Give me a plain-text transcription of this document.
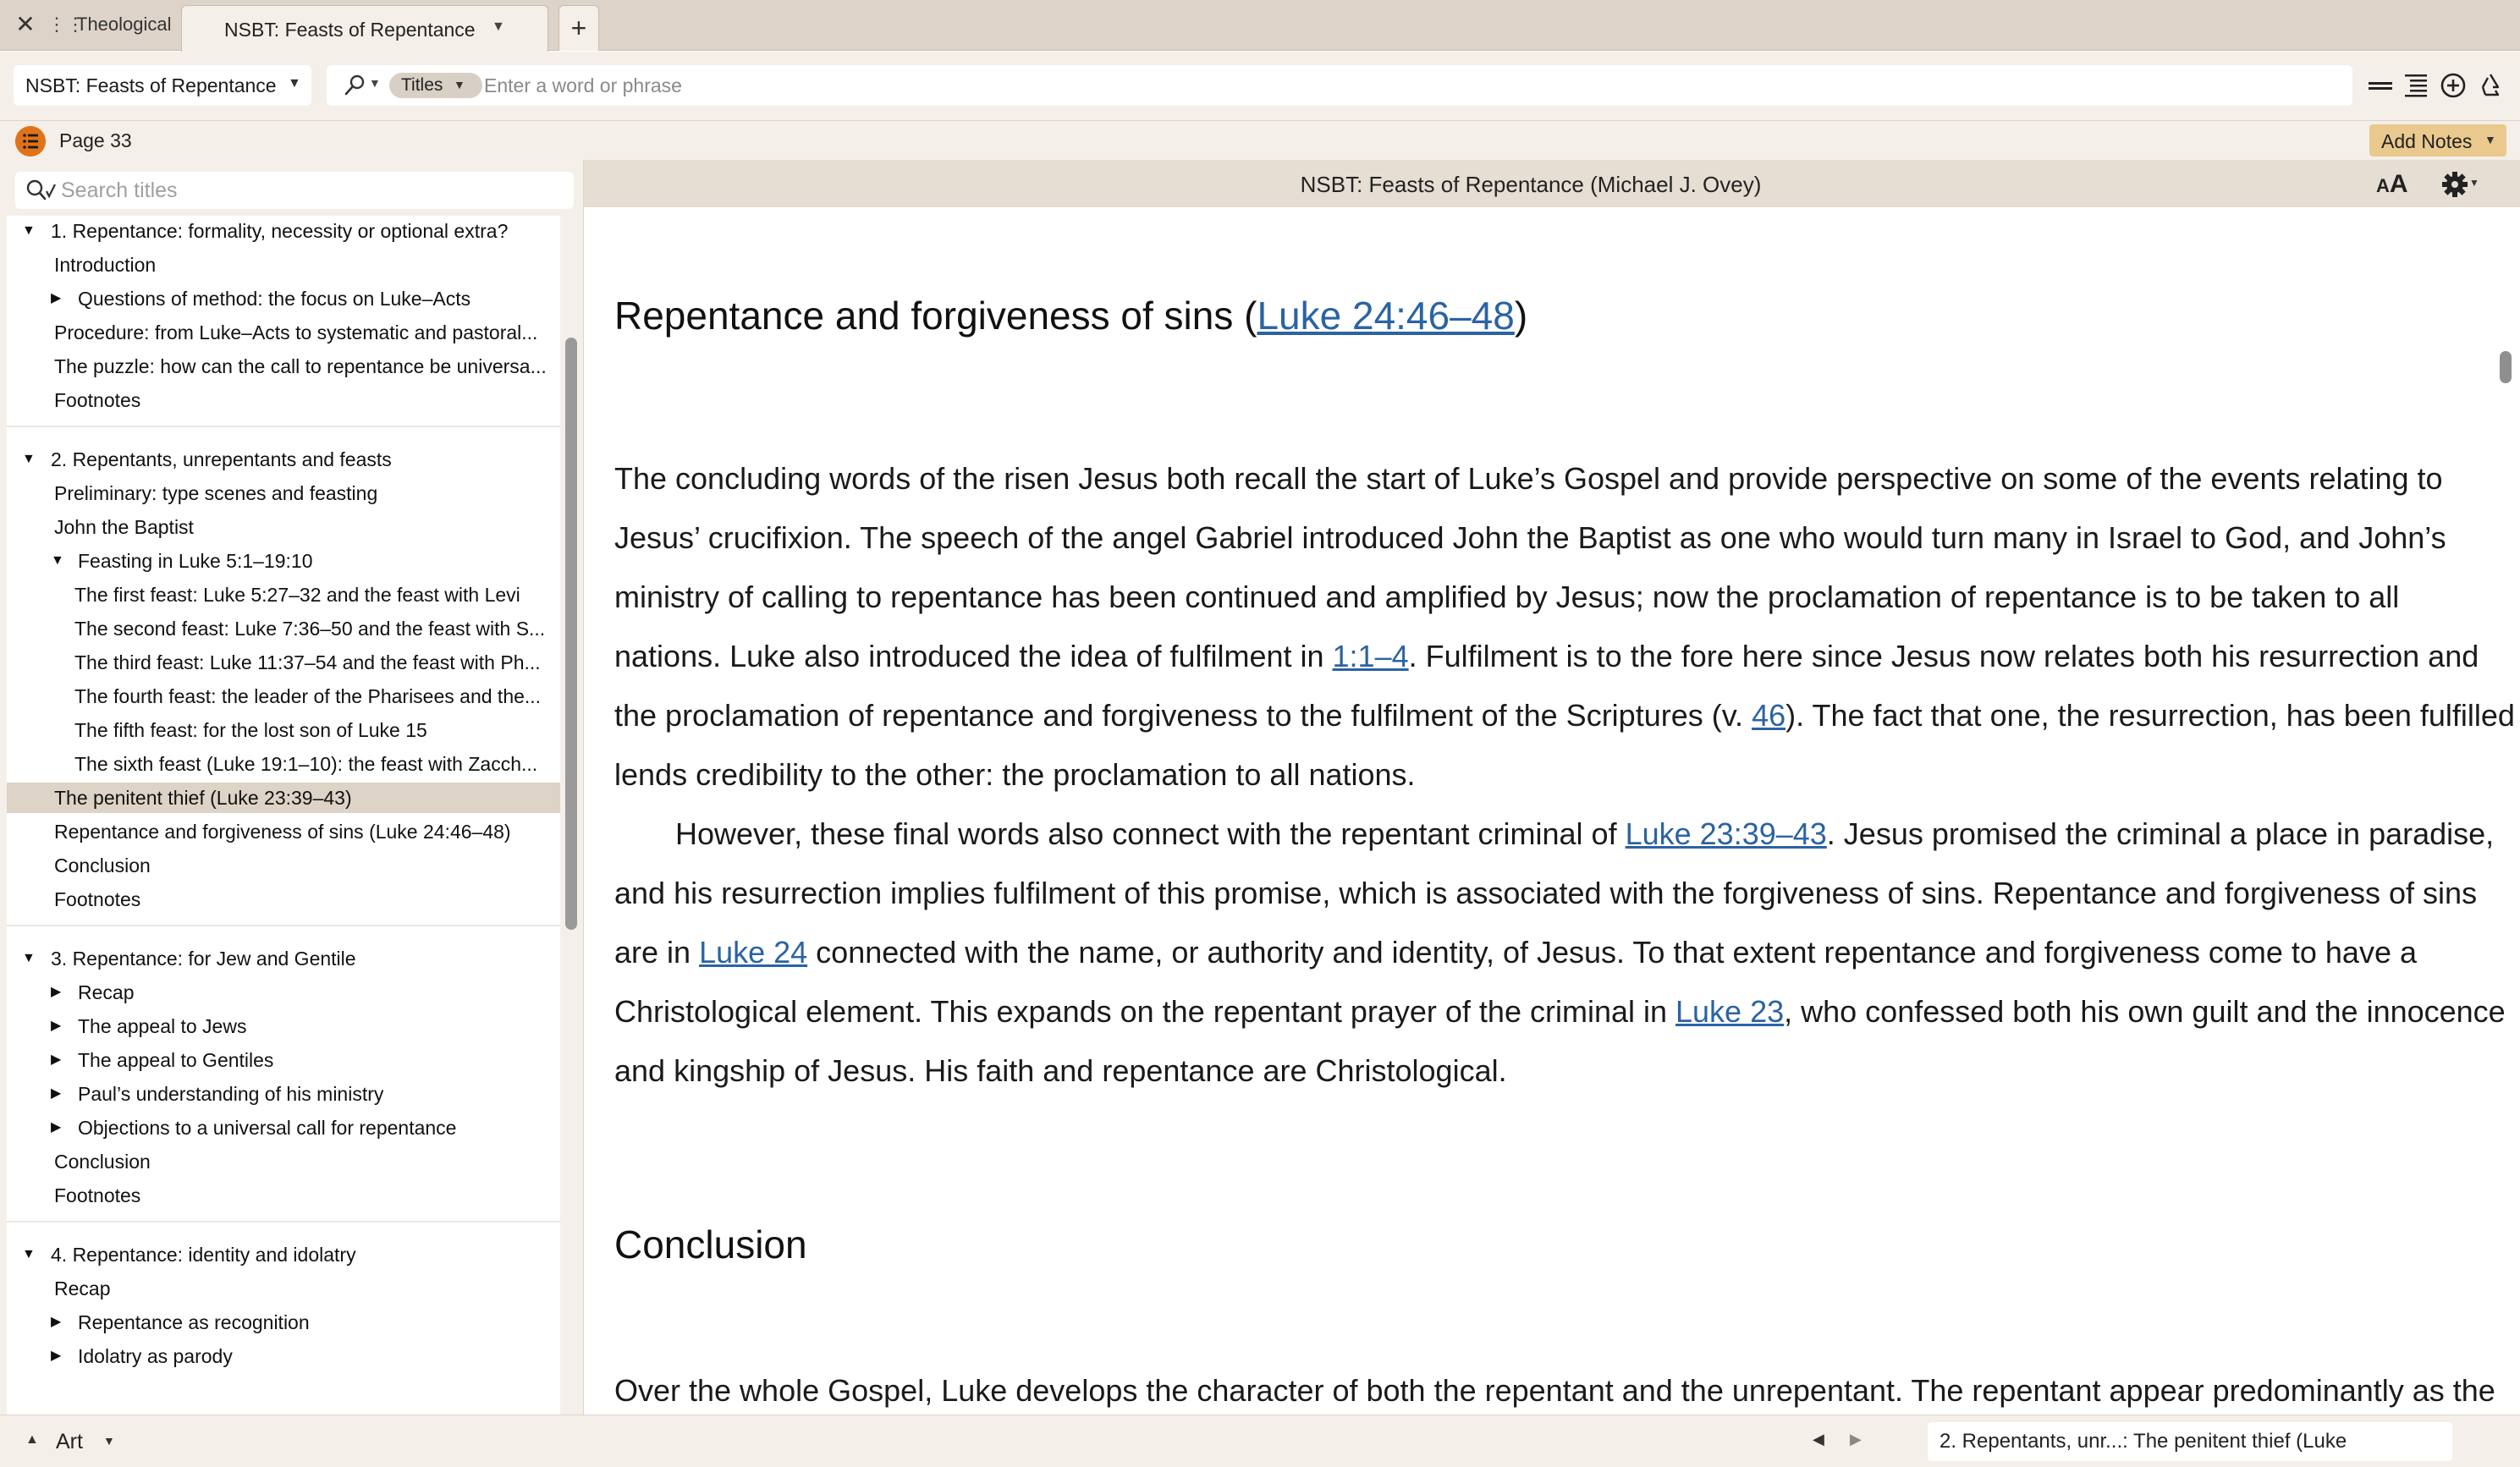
✕ ⋮⋮
Theological	NSBT: Feasts of Repentance ▼	+
NSBT: Feasts of Repentance ▼	▼ Titles ▼
Enter a word or phrase
Page 33	Add Notes ▼
Search titles
▼ 1. Repentance: formality, necessity or optional extra?
Introduction
▶ Questions of method: the focus on Luke–Acts
Procedure: from Luke–Acts to systematic and pastoral...
The puzzle: how can the call to repentance be universa...
Footnotes
▼ 2. Repentants, unrepentants and feasts
Preliminary: type scenes and feasting
John the Baptist
▼ Feasting in Luke 5:1–19:10
The first feast: Luke 5:27–32 and the feast with Levi
The second feast: Luke 7:36–50 and the feast with S...
The third feast: Luke 11:37–54 and the feast with Ph...
The fourth feast: the leader of the Pharisees and the...
The fifth feast: for the lost son of Luke 15
The sixth feast (Luke 19:1–10): the feast with Zacch...
The penitent thief (Luke 23:39–43)
Repentance and forgiveness of sins (Luke 24:46–48)
Conclusion
Footnotes
▼ 3. Repentance: for Jew and Gentile
▶ Recap
▶ The appeal to Jews
▶ The appeal to Gentiles
▶ Paul’s understanding of his ministry
▶ Objections to a universal call for repentance
Conclusion
Footnotes
▼ 4. Repentance: identity and idolatry
Recap
▶ Repentance as recognition
▶ Idolatry as parody
NSBT: Feasts of Repentance (Michael J. Ovey)	AA	▼
Repentance and forgiveness of sins (Luke 24:46–48)
The concluding words of the risen Jesus both recall the start of Luke’s Gospel and provide perspective on some of the events relating to
Jesus’ crucifixion. The speech of the angel Gabriel introduced John the Baptist as one who would turn many in Israel to God, and John’s
ministry of calling to repentance has been continued and amplified by Jesus; now the proclamation of repentance is to be taken to all
nations. Luke also introduced the idea of fulfilment in 1:1–4. Fulfilment is to the fore here since Jesus now relates both his resurrection and
the proclamation of repentance and forgiveness to the fulfilment of the Scriptures (v. 46). The fact that one, the resurrection, has been fulfilled
lends credibility to the other: the proclamation to all nations.
However, these final words also connect with the repentant criminal of Luke 23:39–43. Jesus promised the criminal a place in paradise,
and his resurrection implies fulfilment of this promise, which is associated with the forgiveness of sins. Repentance and forgiveness of sins
are in Luke 24 connected with the name, or authority and identity, of Jesus. To that extent repentance and forgiveness come to have a
Christological element. This expands on the repentant prayer of the criminal in Luke 23, who confessed both his own guilt and the innocence
and kingship of Jesus. His faith and repentance are Christological.
Conclusion
Over the whole Gospel, Luke develops the character of both the repentant and the unrepentant. The repentant appear predominantly as the
▲ Art ▼	◀ ▶	2. Repentants, unr...: The penitent thief (Luke
